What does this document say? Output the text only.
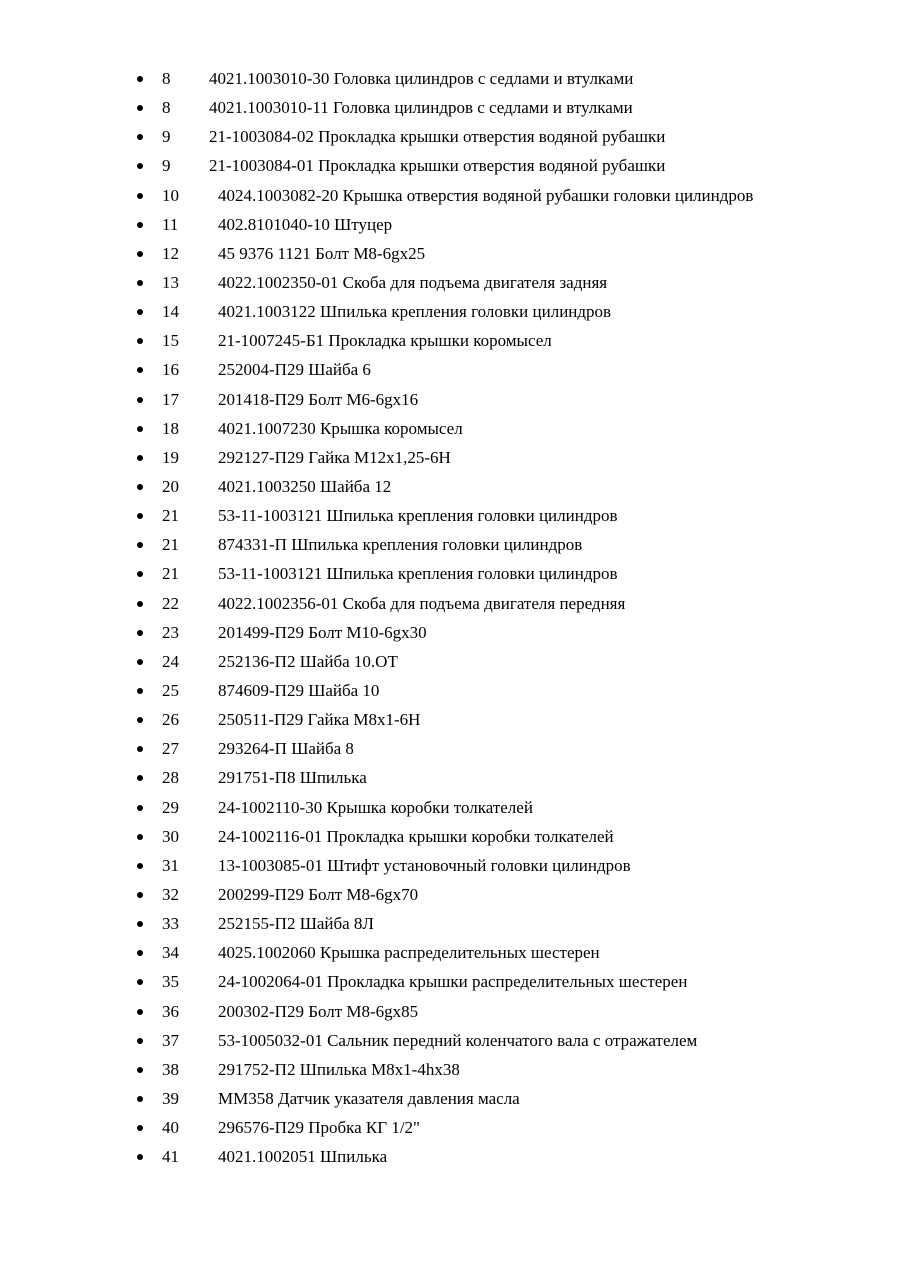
8 4021.1003010-30 Головка цилиндров с седлами и втулками
8 4021.1003010-11 Головка цилиндров с седлами и втулками
9 21-1003084-02 Прокладка крышки отверстия водяной рубашки
9 21-1003084-01 Прокладка крышки отверстия водяной рубашки
10 4024.1003082-20 Крышка отверстия водяной рубашки головки цилиндров
11 402.8101040-10 Штуцер
12 45 9376 1121 Болт М8-6gх25
13 4022.1002350-01 Скоба для подъема двигателя задняя
14 4021.1003122 Шпилька крепления головки цилиндров
15 21-1007245-Б1 Прокладка крышки коромысел
16 252004-П29 Шайба 6
17 201418-П29 Болт М6-6gх16
18 4021.1007230 Крышка коромысел
19 292127-П29 Гайка М12х1,25-6Н
20 4021.1003250 Шайба 12
21 53-11-1003121 Шпилька крепления головки цилиндров
21 874331-П Шпилька крепления головки цилиндров
21 53-11-1003121 Шпилька крепления головки цилиндров
22 4022.1002356-01 Скоба для подъема двигателя передняя
23 201499-П29 Болт М10-6gх30
24 252136-П2 Шайба 10.ОТ
25 874609-П29 Шайба 10
26 250511-П29 Гайка М8х1-6Н
27 293264-П Шайба 8
28 291751-П8 Шпилька
29 24-1002110-30 Крышка коробки толкателей
30 24-1002116-01 Прокладка крышки коробки толкателей
31 13-1003085-01 Штифт установочный головки цилиндров
32 200299-П29 Болт М8-6gх70
33 252155-П2 Шайба 8Л
34 4025.1002060 Крышка распределительных шестерен
35 24-1002064-01 Прокладка крышки распределительных шестерен
36 200302-П29 Болт М8-6gх85
37 53-1005032-01 Сальник передний коленчатого вала с отражателем
38 291752-П2 Шпилька М8х1-4hх38
39 ММ358 Датчик указателя давления масла
40 296576-П29 Пробка КГ 1/2"
41 4021.1002051 Шпилька
